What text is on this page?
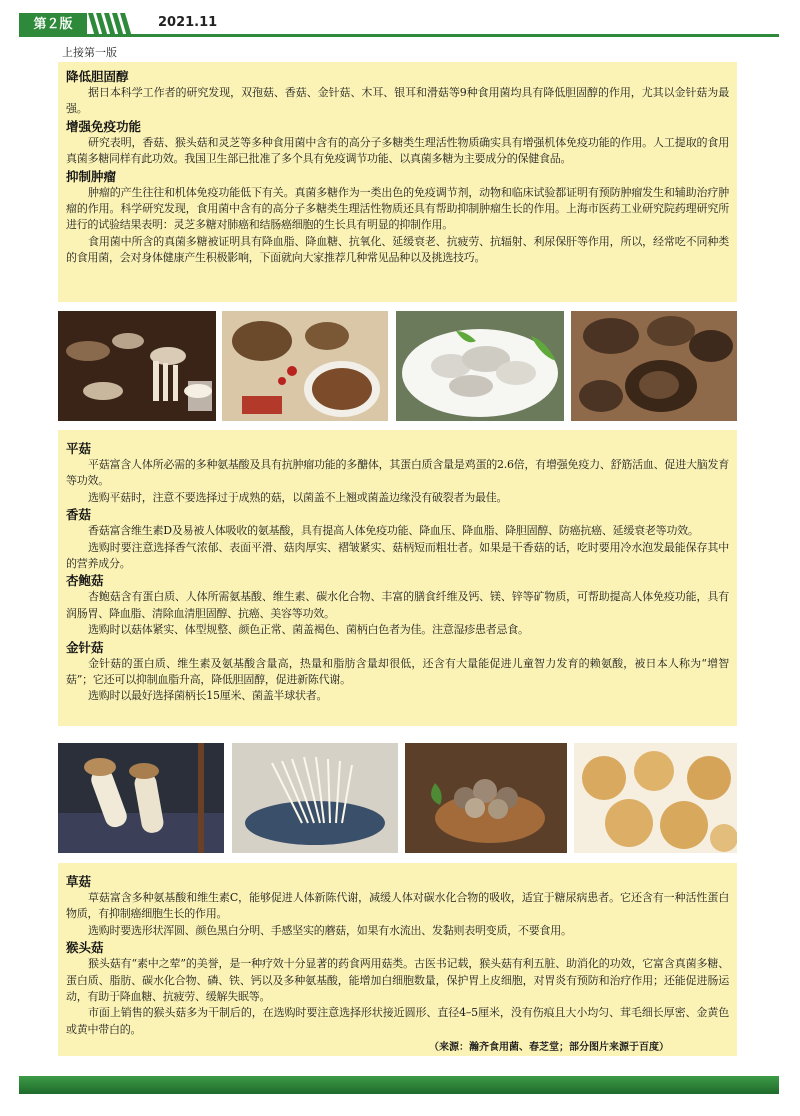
第２版	2021.11
上接第一版
降低胆固醇

据日本科学工作者的研究发现，双孢菇、香菇、金针菇、木耳、银耳和滑菇等9种食用菌均具有降低胆固醇的作用，尤其以金针菇为最强。

增强免疫功能

研究表明，香菇、猴头菇和灵芝等多种食用菌中含有的高分子多糖类生理活性物质确实具有增强机体免疫功能的作用。人工提取的食用真菌多糖同样有此功效。我国卫生部已批准了多个具有免疫调节功能、以真菌多糖为主要成分的保健食品。

抑制肿瘤

肿瘤的产生往往和机体免疫功能低下有关。真菌多糖作为一类出色的免疫调节剂，动物和临床试验都证明有预防肿瘤发生和辅助治疗肿瘤的作用。科学研究发现，食用菌中含有的高分子多糖类生理活性物质还具有帮助抑制肿瘤生长的作用。上海市医药工业研究院药理研究所进行的试验结果表明：灵芝多糖对肺癌和结肠癌细胞的生长具有明显的抑制作用。

食用菌中所含的真菌多糖被证明具有降血脂、降血糖、抗氧化、延缓衰老、抗疲劳、抗辐射、利尿保肝等作用，所以，经常吃不同种类的食用菌，会对身体健康产生积极影响，下面就向大家推荐几种常见品种以及挑选技巧。

平菇

平菇富含人体所必需的多种氨基酸及具有抗肿瘤功能的多醣体，其蛋白质含量是鸡蛋的2.6倍，有增强免疫力、舒筋活血、促进大脑发育等功效。

选购平菇时，注意不要选择过于成熟的菇，以菌盖不上翘或菌盖边缘没有破裂者为最佳。

香菇

香菇富含维生素D及易被人体吸收的氨基酸，具有提高人体免疫功能、降血压、降血脂、降胆固醇、防癌抗癌、延缓衰老等功效。

选购时要注意选择香气浓郁、表面平滑、菇肉厚实、褶皱紧实、菇柄短而粗壮者。如果是干香菇的话，吃时要用冷水泡发最能保存其中的营养成分。

杏鲍菇

杏鲍菇含有蛋白质、人体所需氨基酸、维生素、碳水化合物、丰富的膳食纤维及钙、镁、锌等矿物质，可帮助提高人体免疫功能，具有润肠胃、降血脂、清除血清胆固醇、抗癌、美容等功效。

选购时以菇体紧实、体型规整、颜色正常、菌盖褐色、菌柄白色者为佳。注意湿疹患者忌食。

金针菇

金针菇的蛋白质、维生素及氨基酸含量高，热量和脂肪含量却很低，还含有大量能促进儿童智力发育的赖氨酸，被日本人称为“增智菇”；它还可以抑制血脂升高，降低胆固醇，促进新陈代谢。

选购时以最好选择菌柄长15厘米、菌盖半球状者。

草菇

草菇富含多种氨基酸和维生素C，能够促进人体新陈代谢，减缓人体对碳水化合物的吸收，适宜于糖尿病患者。它还含有一种活性蛋白物质，有抑制癌细胞生长的作用。

选购时要选形状浑圆、颜色黑白分明、手感坚实的蘑菇，如果有水流出、发黏则表明变质，不要食用。

猴头菇

猴头菇有“素中之荤”的美誉，是一种疗效十分显著的药食两用菇类。古医书记载，猴头菇有利五脏、助消化的功效，它富含真菌多糖、蛋白质、脂肪、碳水化合物、磷、铁、钙以及多种氨基酸，能增加白细胞数量，保护胃上皮细胞，对胃炎有预防和治疗作用；还能促进肠运动，有助于降血糖、抗疲劳、缓解失眠等。

市面上销售的猴头菇多为干制后的，在选购时要注意选择形状接近圆形、直径4–5厘米，没有伤痕且大小均匀、茸毛细长厚密、金黄色或黄中带白的。

（来源：瀚齐食用菌、春芝堂；部分图片来源于百度）
